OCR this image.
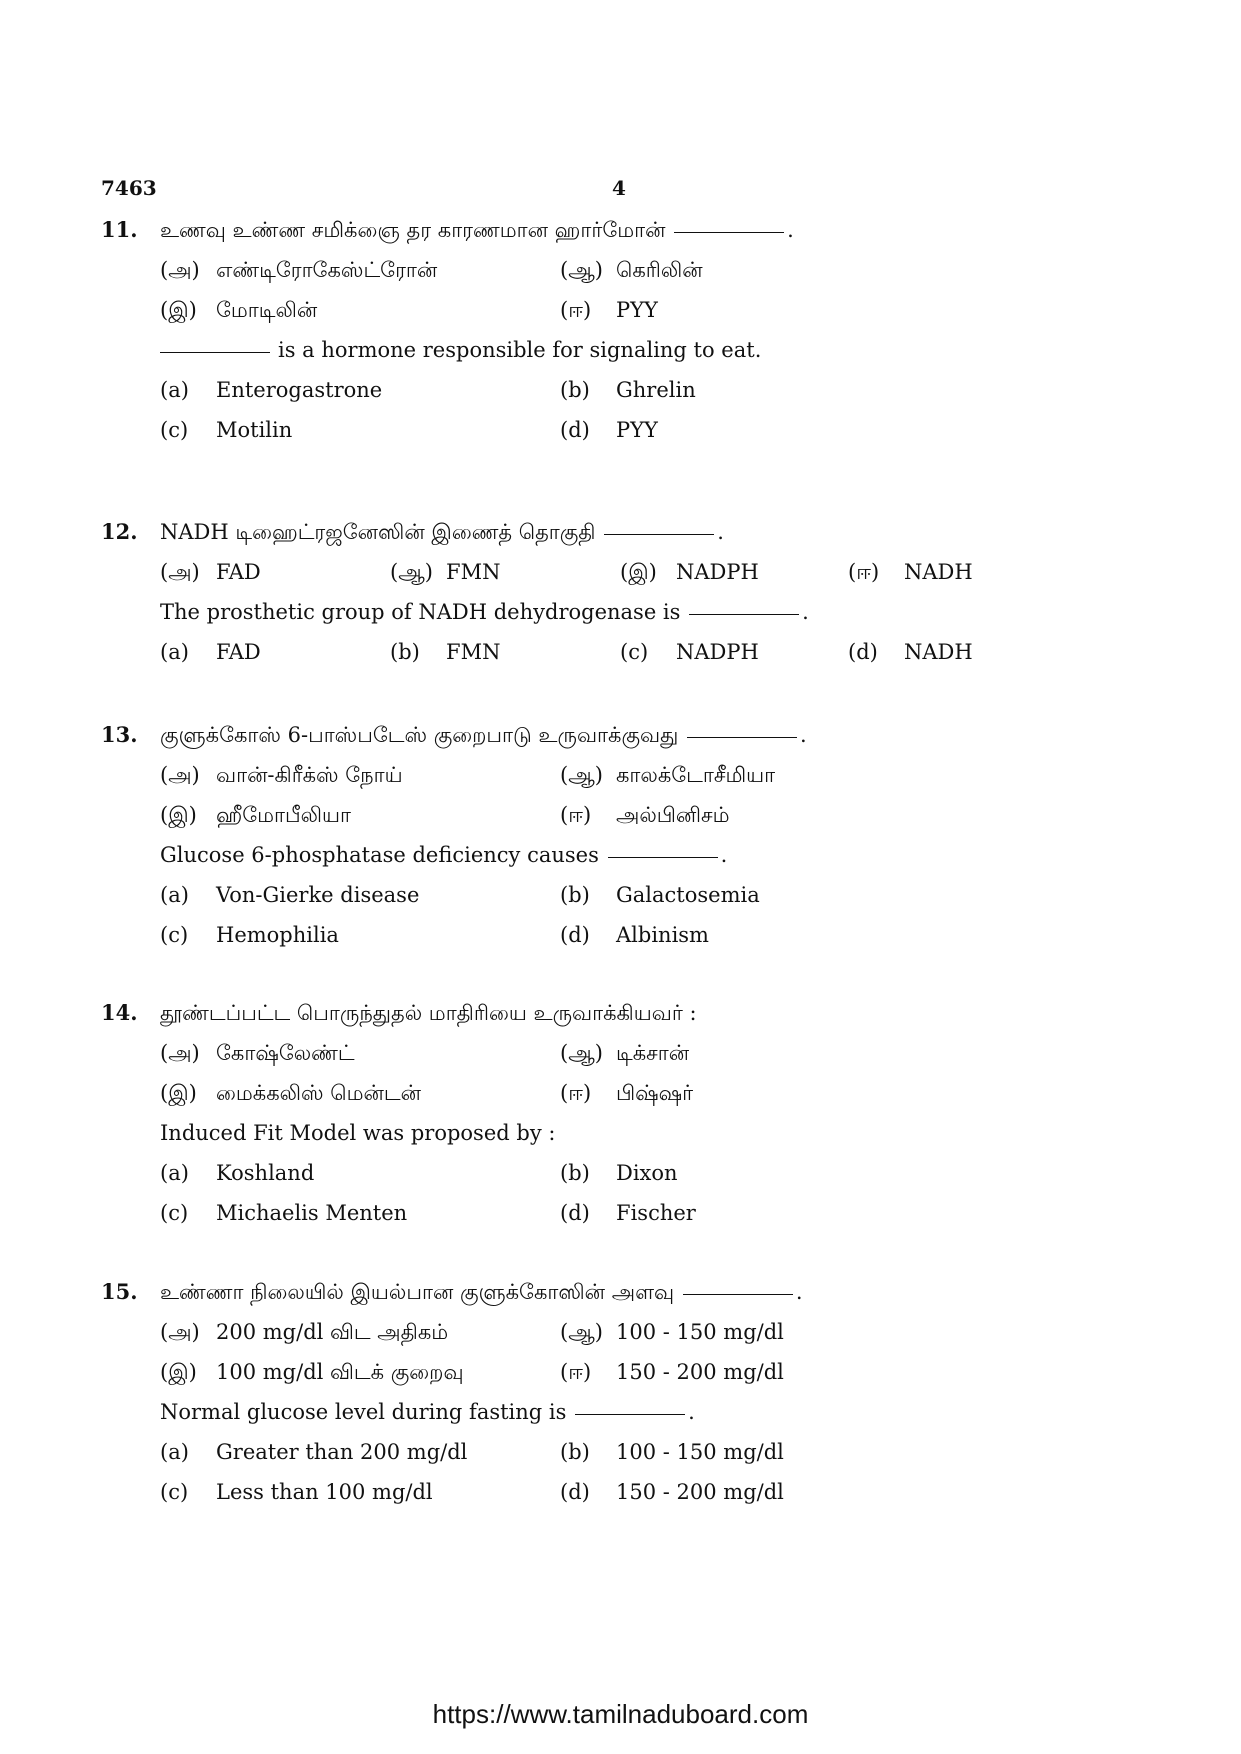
7463	4
11. உணவு உண்ண சமிக்ஞை தர காரணமான ஹார்மோன்	.
(அ) எண்டிரோகேஸ்ட்ரோன்	(ஆ) கெரிலின்
(இ) மோடிலின்	(ஈ) PYY
is a hormone responsible for signaling to eat.
(a) Enterogastrone	(b) Ghrelin
(c) Motilin	(d) PYY
12. NADH டிஹைட்ரஜனேஸின் இணைத் தொகுதி	.
(அ) FAD	(ஆ) FMN	(இ) NADPH	(ஈ) NADH
The prosthetic group of NADH dehydrogenase is	.
(a) FAD	(b) FMN	(c) NADPH	(d) NADH
13. குளுக்கோஸ் 6-பாஸ்படேஸ் குறைபாடு உருவாக்குவது	.
(அ) வான்-கிரீக்ஸ் நோய்	(ஆ) காலக்டோசீமியா
(இ) ஹீமோபீலியா	(ஈ) அல்பினிசம்
Glucose 6-phosphatase deficiency causes	.
(a) Von-Gierke disease	(b) Galactosemia
(c) Hemophilia	(d) Albinism
14. தூண்டப்பட்ட பொருந்துதல் மாதிரியை உருவாக்கியவர் :
(அ) கோஷ்லேண்ட்	(ஆ) டிக்சான்
(இ) மைக்கலிஸ் மென்டன்	(ஈ) பிஷ்ஷர்
Induced Fit Model was proposed by :
(a) Koshland	(b) Dixon
(c) Michaelis Menten	(d) Fischer
15. உண்ணா நிலையில் இயல்பான குளுக்கோஸின் அளவு	.
(அ) 200 mg/dl விட அதிகம்	(ஆ) 100 - 150 mg/dl
(இ) 100 mg/dl விடக் குறைவு	(ஈ) 150 - 200 mg/dl
Normal glucose level during fasting is	.
(a) Greater than 200 mg/dl	(b) 100 - 150 mg/dl
(c) Less than 100 mg/dl	(d) 150 - 200 mg/dl
https://www.tamilnaduboard.com
